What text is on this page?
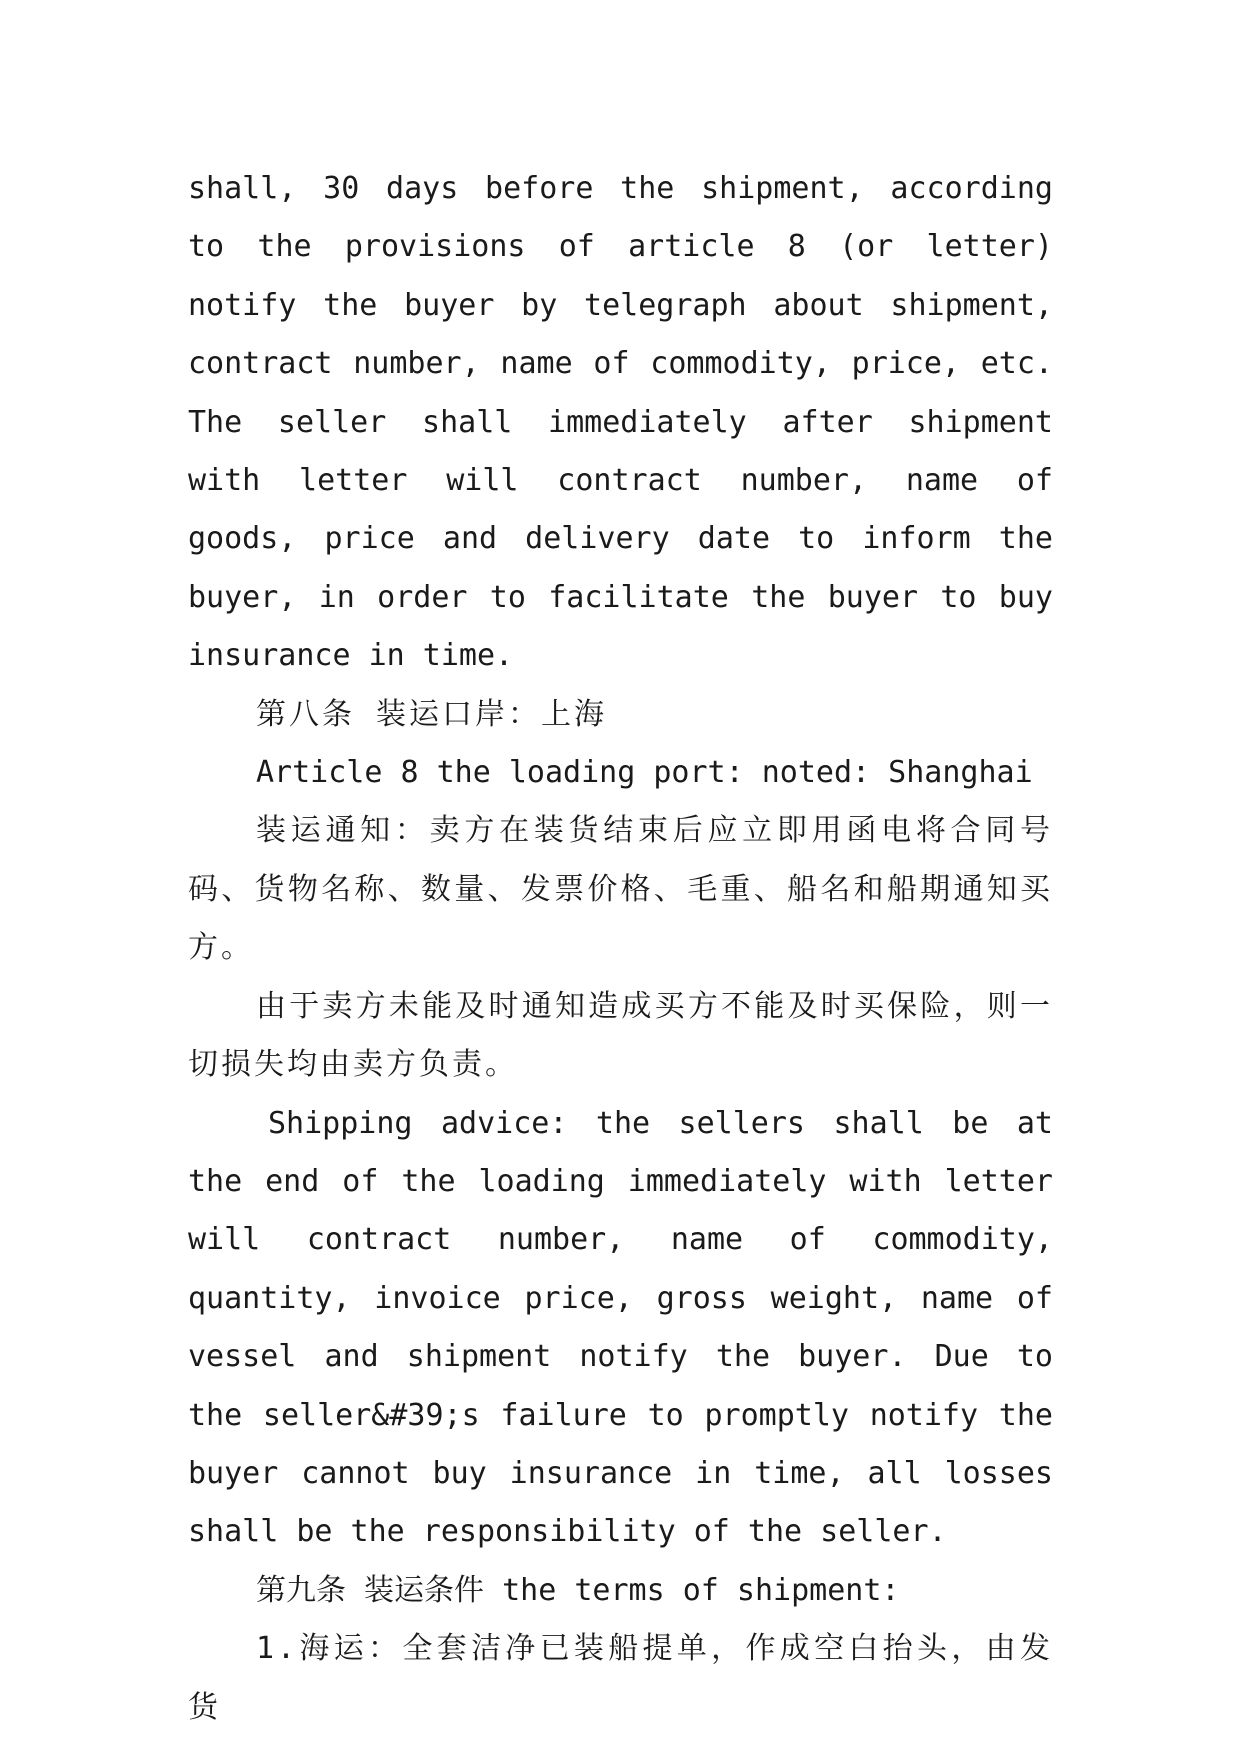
shall, 30 days before the shipment, according to the provisions of article 8 (or letter) notify the buyer by telegraph about shipment, contract number, name of commodity, price, etc. The seller shall immediately after shipment with letter will contract number, name of goods, price and delivery date to inform the buyer, in order to facilitate the buyer to buy insurance in time.

第八条 装运口岸：上海

Article 8 the loading port: noted: Shanghai

装运通知：卖方在装货结束后应立即用函电将合同号码、货物名称、数量、发票价格、毛重、船名和船期通知买方。

由于卖方未能及时通知造成买方不能及时买保险，则一切损失均由卖方负责。

Shipping advice: the sellers shall be at the end of the loading immediately with letter will contract number, name of commodity, quantity, invoice price, gross weight, name of vessel and shipment notify the buyer. Due to the seller&#39;s failure to promptly notify the buyer cannot buy insurance in time, all losses shall be the responsibility of the seller.

第九条 装运条件 the terms of shipment:

1.海运：全套洁净已装船提单，作成空白抬头，由发货
